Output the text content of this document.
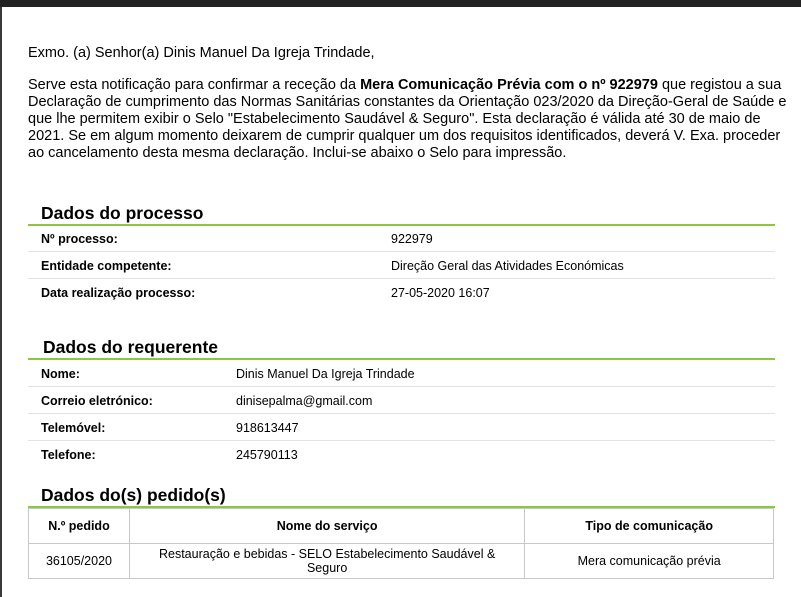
Exmo. (a) Senhor(a) Dinis Manuel Da Igreja Trindade,
Serve esta notificação para confirmar a receção da Mera Comunicação Prévia com o nº 922979 que registou a sua Declaração de cumprimento das Normas Sanitárias constantes da Orientação 023/2020 da Direção-Geral de Saúde e que lhe permitem exibir o Selo "Estabelecimento Saudável & Seguro". Esta declaração é válida até 30 de maio de 2021. Se em algum momento deixarem de cumprir qualquer um dos requisitos identificados, deverá V. Exa. proceder ao cancelamento desta mesma declaração. Inclui-se abaixo o Selo para impressão.
Dados do processo
Nº processo:	922979
Entidade competente:	Direção Geral das Atividades Económicas
Data realização processo:	27-05-2020 16:07
Dados do requerente
Nome:	Dinis Manuel Da Igreja Trindade
Correio eletrónico:	dinisepalma@gmail.com
Telemóvel:	918613447
Telefone:	245790113
Dados do(s) pedido(s)
N.º pedido	Nome do serviço	Tipo de comunicação
36105/2020	Restauração e bebidas - SELO Estabelecimento Saudável & Seguro	Mera comunicação prévia
